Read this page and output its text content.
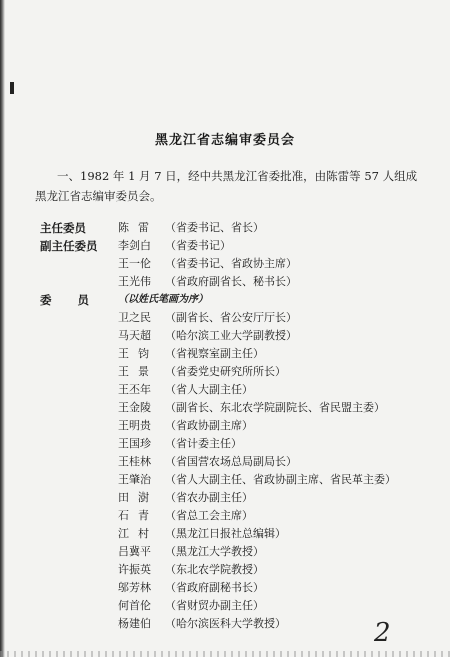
黑龙江省志编审委员会
一、1982 年 1 月 7 日，经中共黑龙江省委批准，由陈雷等 57 人组成黑龙江省志编审委员会。
主任委员	陈雷 （省委书记、省长）
副主任委员	李剑白	（省委书记）
王一伦	（省委书记、省政协主席）
王光伟	（省政府副省长、秘书长）
委员 （以姓氏笔画为序）
卫之民	（副省长、省公安厅厅长）
马天超	（哈尔滨工业大学副教授）
王钧 （省视察室副主任）
王景 （省委党史研究所所长）
王丕年	（省人大副主任）
王金陵	（副省长、东北农学院副院长、省民盟主委）
王明贵	（省政协副主席）
王国珍	（省计委主任）
王桂林	（省国营农场总局副局长）
王肇治	（省人大副主任、省政协副主席、省民革主委）
田澍 （省农办副主任）
石青 （省总工会主席）
江村 （黑龙江日报社总编辑）
吕冀平	（黑龙江大学教授）
许振英	（东北农学院教授）
邬芳林	（省政府副秘书长）
何首伦	（省财贸办副主任）
杨建伯	（哈尔滨医科大学教授）	2
